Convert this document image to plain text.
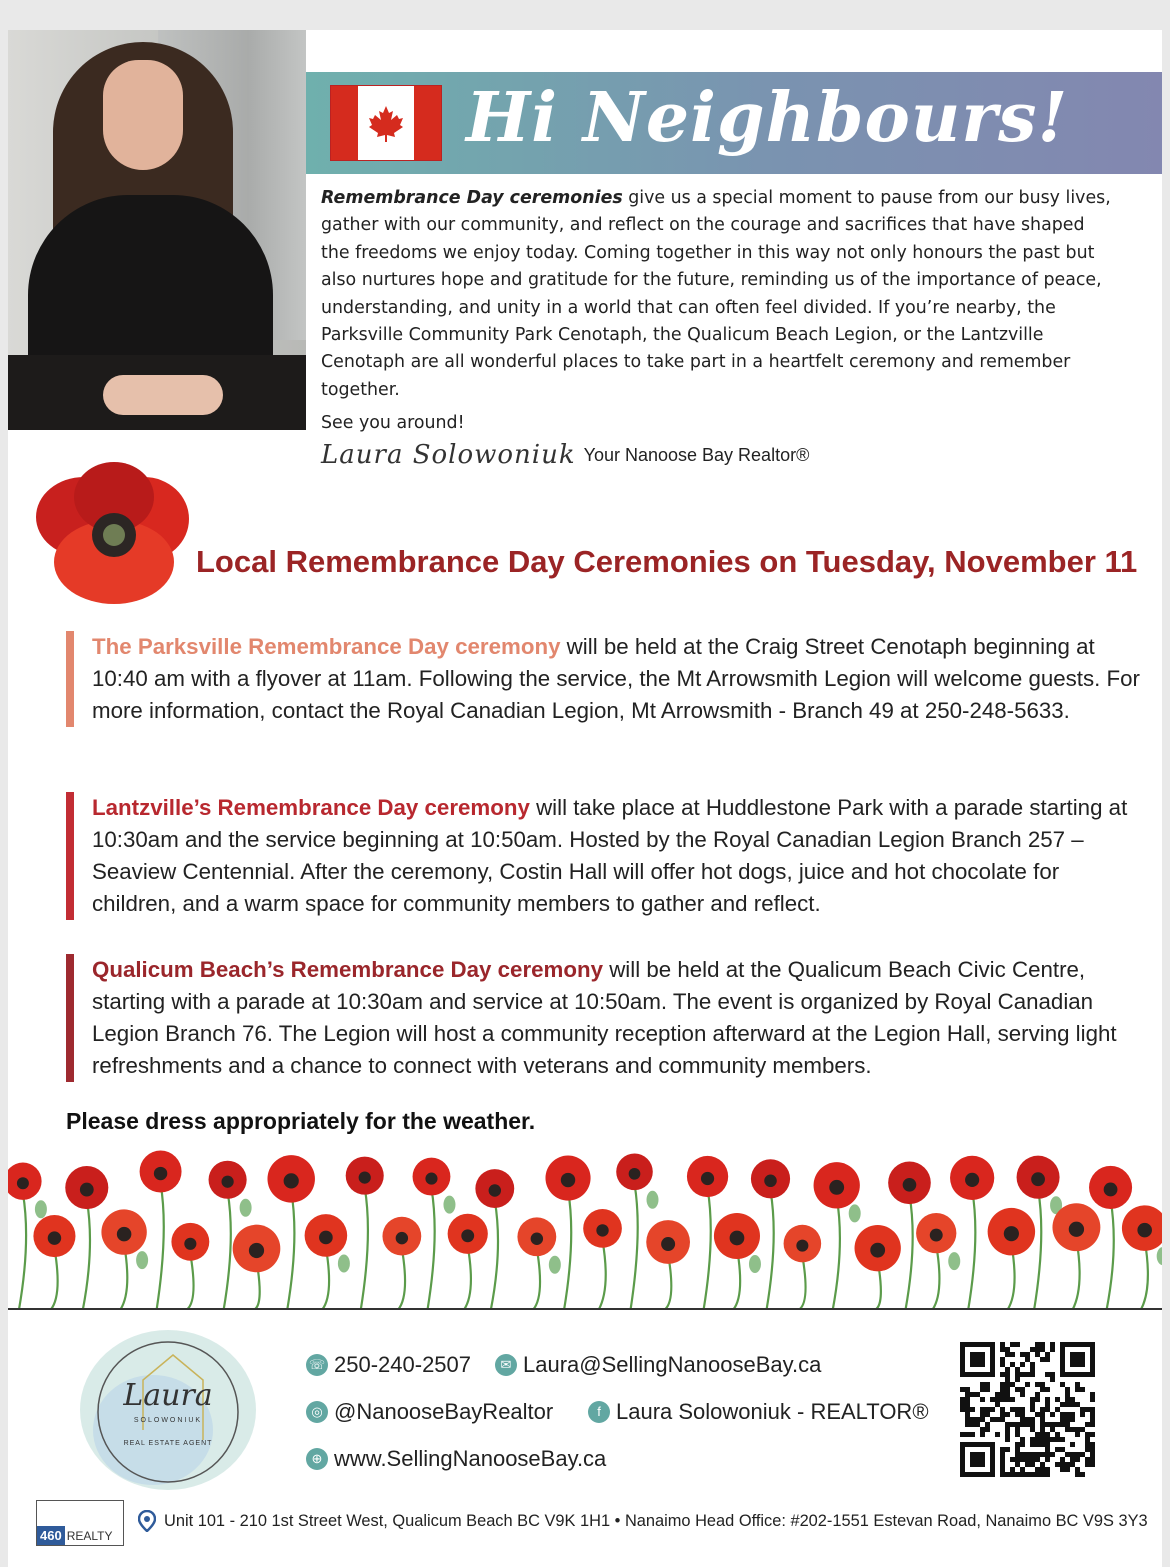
Hi Neighbours!
Remembrance Day ceremonies give us a special moment to pause from our busy lives, gather with our community, and reflect on the courage and sacrifices that have shaped the freedoms we enjoy today. Coming together in this way not only honours the past but also nurtures hope and gratitude for the future, reminding us of the importance of peace, understanding, and unity in a world that can often feel divided. If you’re nearby, the Parksville Community Park Cenotaph, the Qualicum Beach Legion, or the Lantzville Cenotaph are all wonderful places to take part in a heartfelt ceremony and remember together.
See you around!
Laura Solowoniuk Your Nanoose Bay Realtor®
Local Remembrance Day Ceremonies on Tuesday, November 11
The Parksville Remembrance Day ceremony will be held at the Craig Street Cenotaph beginning at 10:40 am with a flyover at 11am. Following the service, the Mt Arrowsmith Legion will welcome guests. For more information, contact the Royal Canadian Legion, Mt Arrowsmith - Branch 49 at 250-248-5633.
Lantzville’s Remembrance Day ceremony will take place at Huddlestone Park with a parade starting at 10:30am and the service beginning at 10:50am. Hosted by the Royal Canadian Legion Branch 257 – Seaview Centennial. After the ceremony, Costin Hall will offer hot dogs, juice and hot chocolate for children, and a warm space for community members to gather and reflect.
Qualicum Beach’s Remembrance Day ceremony will be held at the Qualicum Beach Civic Centre, starting with a parade at 10:30am and service at 10:50am. The event is organized by Royal Canadian Legion Branch 76. The Legion will host a community reception afterward at the Legion Hall, serving light refreshments and a chance to connect with veterans and community members.
Please dress appropriately for the weather.
Laura
SOLOWONIUK
REAL ESTATE AGENT
☏ 250-240-2507	✉ Laura@SellingNanooseBay.ca
◎ @NanooseBayRealtor	f Laura Solowoniuk - REALTOR®
⊕ www.SellingNanooseBay.ca
460 REALTY
Unit 101 - 210 1st Street West, Qualicum Beach BC V9K 1H1 • Nanaimo Head Office: #202-1551 Estevan Road, Nanaimo BC V9S 3Y3
